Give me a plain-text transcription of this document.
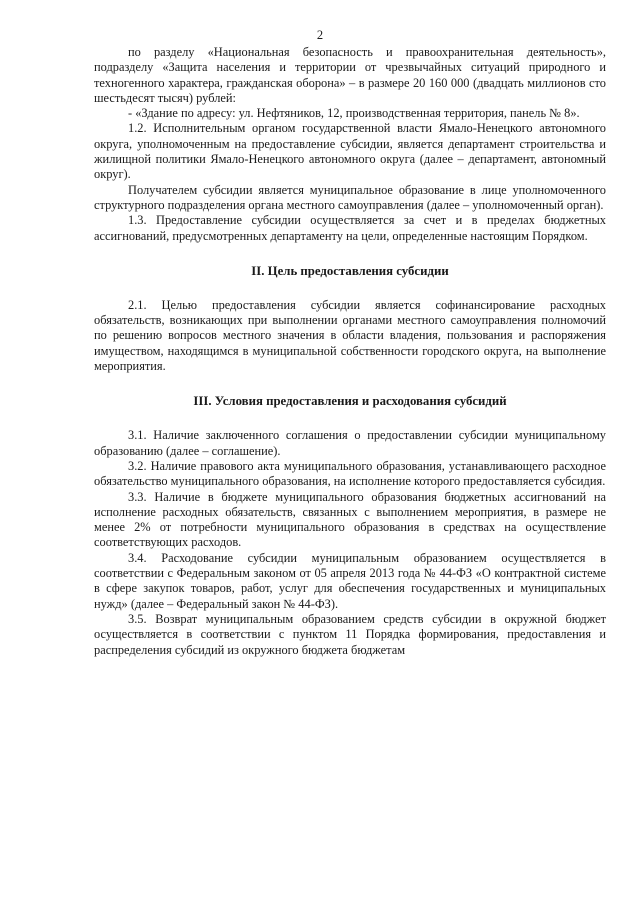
2

по разделу «Национальная безопасность и правоохранительная деятельность», подразделу «Защита населения и территории от чрезвычайных ситуаций природного и техногенного характера, гражданская оборона» – в размере 20 160 000 (двадцать миллионов сто шестьдесят тысяч) рублей:

- «Здание по адресу: ул. Нефтяников, 12, производственная территория, панель № 8».

1.2. Исполнительным органом государственной власти Ямало-Ненецкого автономного округа, уполномоченным на предоставление субсидии, является департамент строительства и жилищной политики Ямало-Ненецкого автономного округа (далее – департамент, автономный округ).

Получателем субсидии является муниципальное образование в лице уполномоченного структурного подразделения органа местного самоуправления (далее – уполномоченный орган).

1.3. Предоставление субсидии осуществляется за счет и в пределах бюджетных ассигнований, предусмотренных департаменту на цели, определенные настоящим Порядком.

II. Цель предоставления субсидии

2.1. Целью предоставления субсидии является софинансирование расходных обязательств, возникающих при выполнении органами местного самоуправления полномочий по решению вопросов местного значения в области владения, пользования и распоряжения имуществом, находящимся в муниципальной собственности городского округа, на выполнение мероприятия.

III. Условия предоставления и расходования субсидий

3.1. Наличие заключенного соглашения о предоставлении субсидии муниципальному образованию (далее – соглашение).

3.2. Наличие правового акта муниципального образования, устанавливающего расходное обязательство муниципального образования, на исполнение которого предоставляется субсидия.

3.3. Наличие в бюджете муниципального образования бюджетных ассигнований на исполнение расходных обязательств, связанных с выполнением мероприятия, в размере не менее 2% от потребности муниципального образования в средствах на осуществление соответствующих расходов.

3.4. Расходование субсидии муниципальным образованием осуществляется в соответствии с Федеральным законом от 05 апреля 2013 года № 44-ФЗ «О контрактной системе в сфере закупок товаров, работ, услуг для обеспечения государственных и муниципальных нужд» (далее – Федеральный закон № 44-ФЗ).

3.5. Возврат муниципальным образованием средств субсидии в окружной бюджет осуществляется в соответствии с пунктом 11 Порядка формирования, предоставления и распределения субсидий из окружного бюджета бюджетам
